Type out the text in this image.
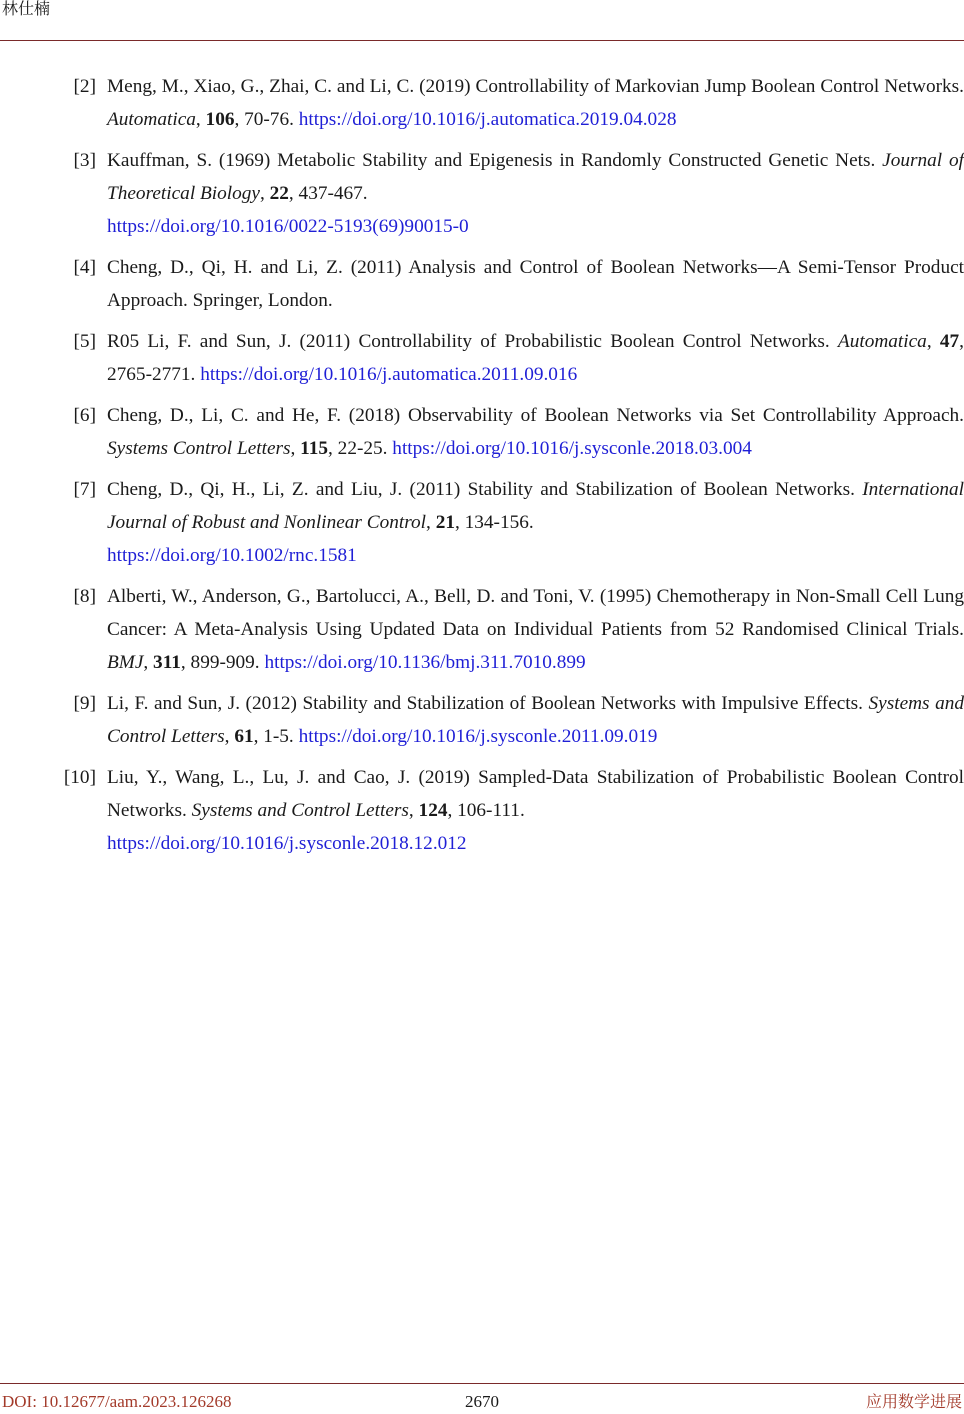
林仕楠
[2] Meng, M., Xiao, G., Zhai, C. and Li, C. (2019) Controllability of Markovian Jump Boolean Control Networks. Automatica, 106, 70-76. https://doi.org/10.1016/j.automatica.2019.04.028
[3] Kauffman, S. (1969) Metabolic Stability and Epigenesis in Randomly Constructed Genetic Nets. Journal of Theoretical Biology, 22, 437-467.
https://doi.org/10.1016/0022-5193(69)90015-0
[4] Cheng, D., Qi, H. and Li, Z. (2011) Analysis and Control of Boolean Networks—A Semi-Tensor Product Approach. Springer, London.
[5] R05 Li, F. and Sun, J. (2011) Controllability of Probabilistic Boolean Control Networks. Automatica, 47, 2765-2771. https://doi.org/10.1016/j.automatica.2011.09.016
[6] Cheng, D., Li, C. and He, F. (2018) Observability of Boolean Networks via Set Controllability Approach. Systems Control Letters, 115, 22-25. https://doi.org/10.1016/j.sysconle.2018.03.004
[7] Cheng, D., Qi, H., Li, Z. and Liu, J. (2011) Stability and Stabilization of Boolean Networks. International Journal of Robust and Nonlinear Control, 21, 134-156.
https://doi.org/10.1002/rnc.1581
[8] Alberti, W., Anderson, G., Bartolucci, A., Bell, D. and Toni, V. (1995) Chemotherapy in Non-Small Cell Lung Cancer: A Meta-Analysis Using Updated Data on Individual Patients from 52 Randomised Clinical Trials. BMJ, 311, 899-909. https://doi.org/10.1136/bmj.311.7010.899
[9] Li, F. and Sun, J. (2012) Stability and Stabilization of Boolean Networks with Impulsive Effects. Systems and Control Letters, 61, 1-5. https://doi.org/10.1016/j.sysconle.2011.09.019
[10] Liu, Y., Wang, L., Lu, J. and Cao, J. (2019) Sampled-Data Stabilization of Probabilistic Boolean Control Networks. Systems and Control Letters, 124, 106-111.
https://doi.org/10.1016/j.sysconle.2018.12.012
DOI: 10.12677/aam.2023.126268	2670	应用数学进展
